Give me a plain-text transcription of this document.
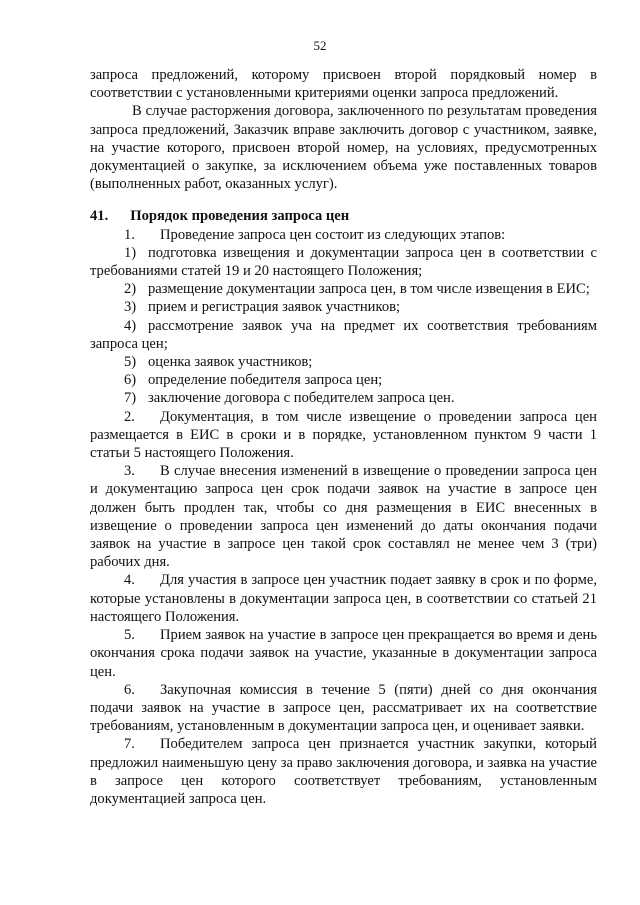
52

запроса предложений, которому присвоен второй порядковый номер в соответствии с установленными критериями оценки запроса предложений.

В случае расторжения договора, заключенного по результатам проведения запроса предложений, Заказчик вправе заключить договор с участником, заявке, на участие которого, присвоен второй номер, на условиях, предусмотренных документацией о закупке, за исключением объема уже поставленных товаров (выполненных работ, оказанных услуг).

41. Порядок проведения запроса цен

1. Проведение запроса цен состоит из следующих этапов:

1) подготовка извещения и документации запроса цен в соответствии с требованиями статей 19 и 20 настоящего Положения;

2) размещение документации запроса цен, в том числе извещения в ЕИС;

3) прием и регистрация заявок участников;

4) рассмотрение заявок уча на предмет их соответствия требованиям запроса цен;

5) оценка заявок участников;

6) определение победителя запроса цен;

7) заключение договора с победителем запроса цен.

2. Документация, в том числе извещение о проведении запроса цен размещается в ЕИС в сроки и в порядке, установленном пунктом 9 части 1 статьи 5 настоящего Положения.

3. В случае внесения изменений в извещение о проведении запроса цен и документацию запроса цен срок подачи заявок на участие в запросе цен должен быть продлен так, чтобы со дня размещения в ЕИС внесенных в извещение о проведении запроса цен изменений до даты окончания подачи заявок на участие в запросе цен такой срок составлял не менее чем 3 (три) рабочих дня.

4. Для участия в запросе цен участник подает заявку в срок и по форме, которые установлены в документации запроса цен, в соответствии со статьей 21 настоящего Положения.

5. Прием заявок на участие в запросе цен прекращается во время и день окончания срока подачи заявок на участие, указанные в документации запроса цен.

6. Закупочная комиссия в течение 5 (пяти) дней со дня окончания подачи заявок на участие в запросе цен, рассматривает их на соответствие требованиям, установленным в документации запроса цен, и оценивает заявки.

7. Победителем запроса цен признается участник закупки, который предложил наименьшую цену за право заключения договора, и заявка на участие в запросе цен которого соответствует требованиям, установленным документацией запроса цен.
